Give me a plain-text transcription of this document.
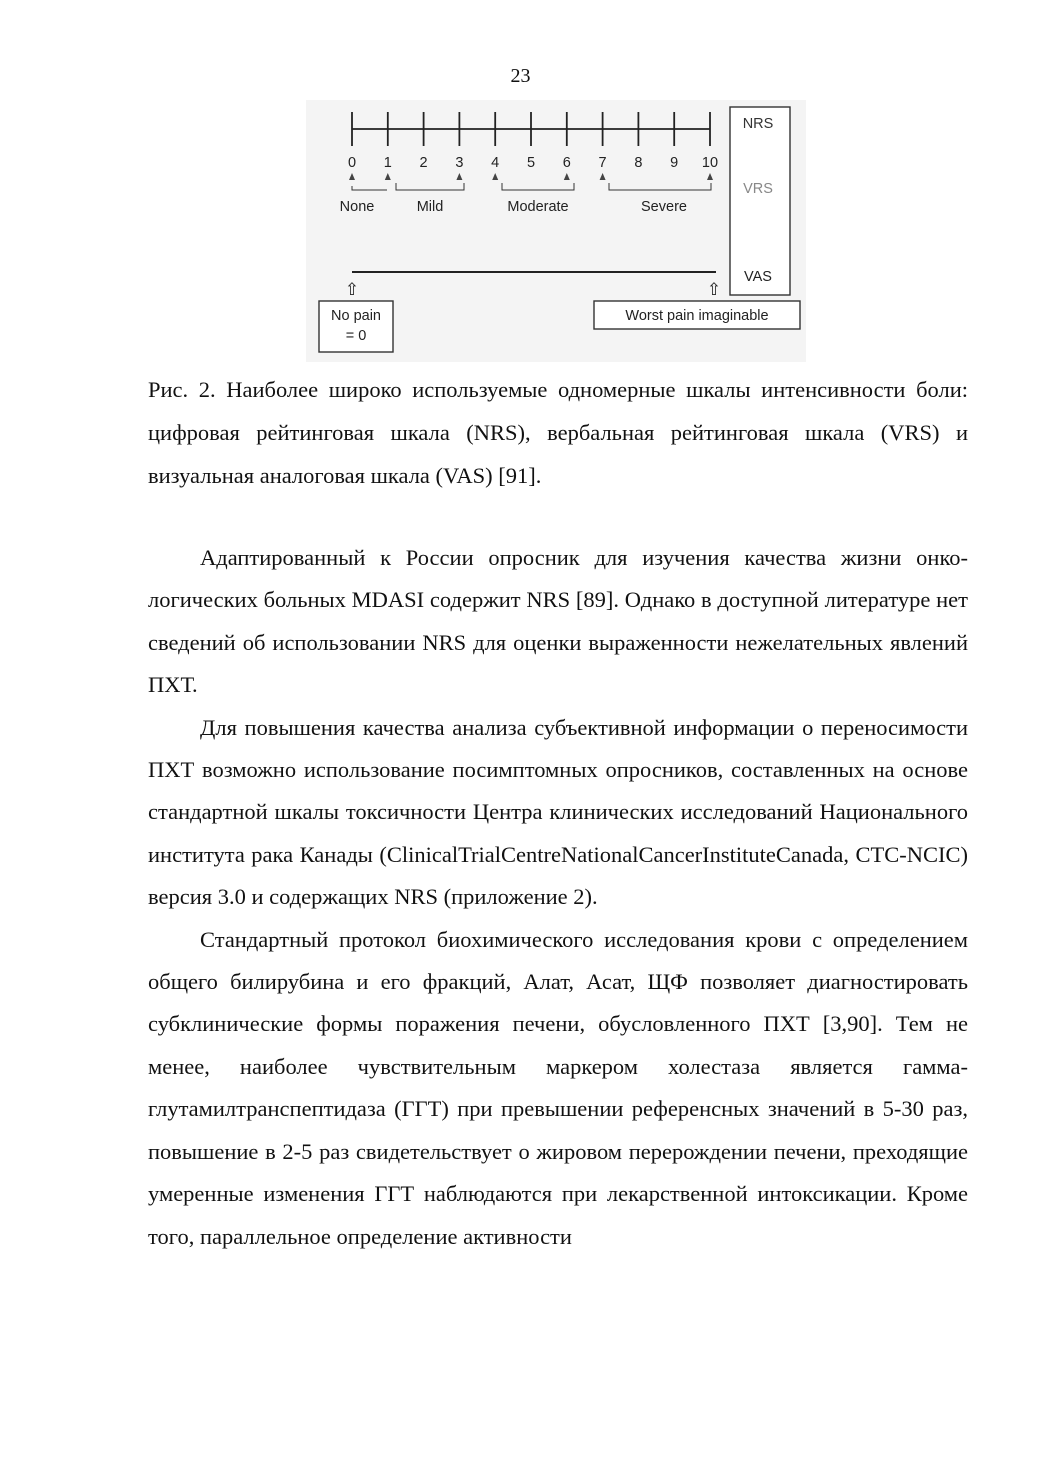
23
0 1 2 3 4 5 6 7 8 9 10
None	Mild	Moderate	Severe
NRS
VRS
VAS
⇧	⇧
No pain
= 0
Worst pain imaginable

Рис. 2. Наиболее широко используемые одномерные шкалы интенсивности боли: цифровая рейтинговая шкала (NRS), вербальная рейтинговая шкала (VRS) и визуальная аналоговая шкала (VAS) [91].

Адаптированный к России опросник для изучения качества жизни онкологических больных MDASI содержит NRS [89]. Однако в доступной литературе нет сведений об использовании NRS для оценки выраженности нежелательных явлений ПХТ.

Для повышения качества анализа субъективной информации о переносимости ПХТ возможно использование посимптомных опросников, составленных на основе стандартной шкалы токсичности Центра клинических исследований Национального института рака Канады (ClinicalTrialCentreNationalCancerInstituteCanada, CTC-NCIC) версия 3.0 и содержащих NRS (приложение 2).

Стандартный протокол биохимического исследования крови с определением общего билирубина и его фракций, Алат, Асат, ЩФ позволяет диагностировать субклинические формы поражения печени, обусловленного ПХТ [3,90]. Тем не менее, наиболее чувствительным маркером холестаза является гамма-глутамилтранспептидаза (ГГТ) при превышении референсных значений в 5-30 раз, повышение в 2-5 раз свидетельствует о жировом перерождении печени, преходящие умеренные изменения ГГТ наблюдаются при лекарственной интоксикации. Кроме того, параллельное определение активности
